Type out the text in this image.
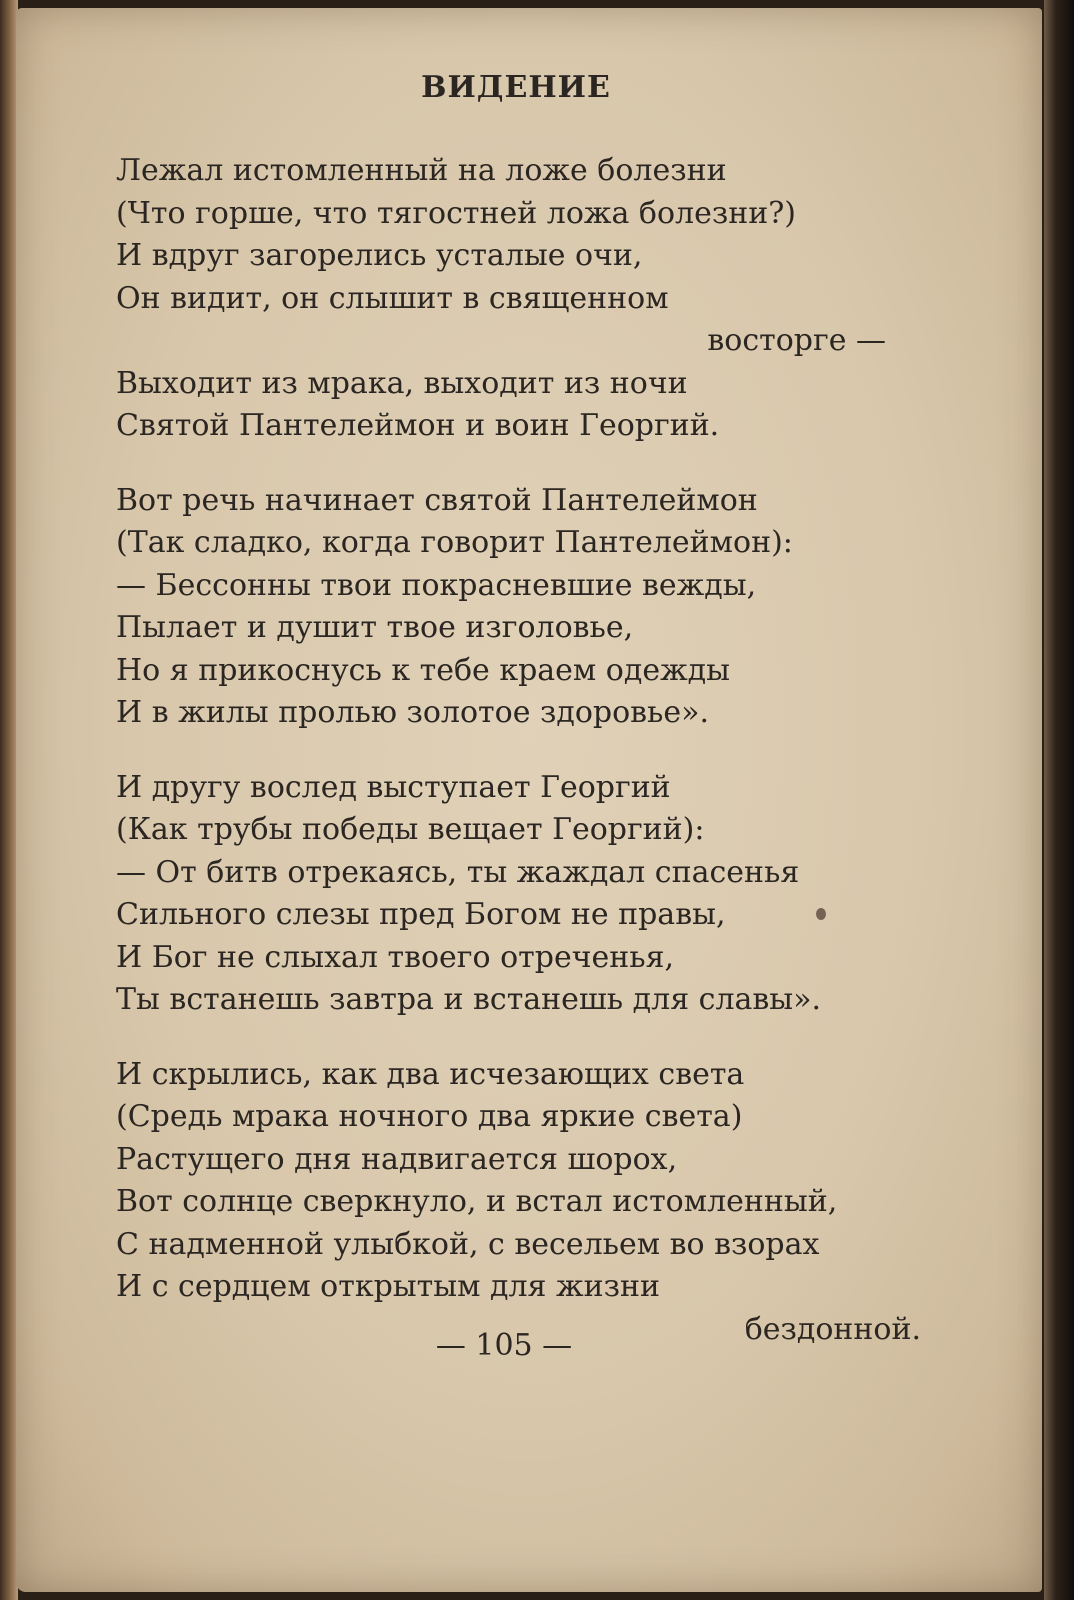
ВИДЕНИЕ
Лежал истомленный на ложе болезни
(Что горше, что тягостней ложа болезни?)
И вдруг загорелись усталые очи,
Он видит, он слышит в священном
восторге —
Выходит из мрака, выходит из ночи
Святой Пантелеймон и воин Георгий.
Вот речь начинает святой Пантелеймон
(Так сладко, когда говорит Пантелеймон):
— Бессонны твои покрасневшие вежды,
Пылает и душит твое изголовье,
Но я прикоснусь к тебе краем одежды
И в жилы пролью золотое здоровье».
И другу вослед выступает Георгий
(Как трубы победы вещает Георгий):
— От битв отрекаясь, ты жаждал спасенья
Сильного слезы пред Богом не правы,
И Бог не слыхал твоего отреченья,
Ты встанешь завтра и встанешь для славы».
И скрылись, как два исчезающих света
(Средь мрака ночного два яркие света)
Растущего дня надвигается шорох,
Вот солнце сверкнуло, и встал истомленный,
С надменной улыбкой, с весельем во взорах
И с сердцем открытым для жизни
бездонной.
— 105 —
